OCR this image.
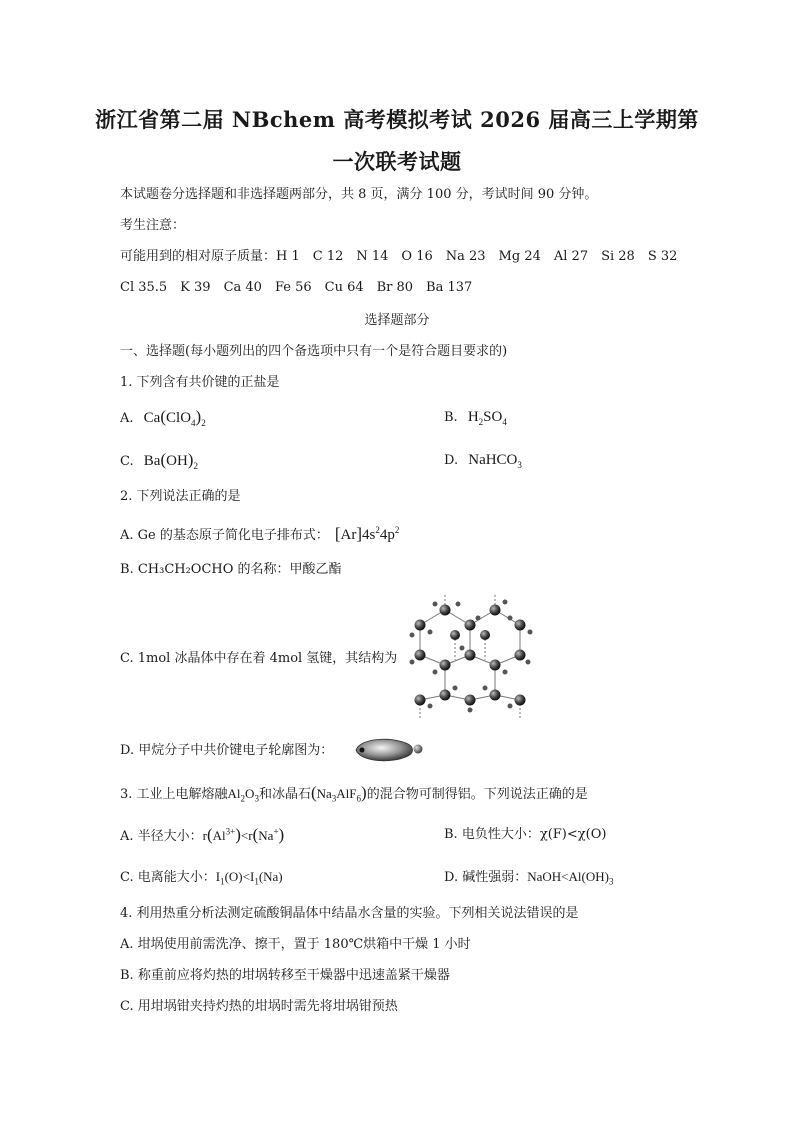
浙江省第二届 NBchem 高考模拟考试 2026 届高三上学期第
一次联考试题
本试题卷分选择题和非选择题两部分，共 8 页，满分 100 分，考试时间 90 分钟。
考生注意：
可能用到的相对原子质量：H 1　C 12　N 14　O 16　Na 23　Mg 24　Al 27　Si 28　S 32
Cl 35.5　K 39　Ca 40　Fe 56　Cu 64　Br 80　Ba 137
选择题部分
一、选择题(每小题列出的四个备选项中只有一个是符合题目要求的)
1. 下列含有共价键的正盐是
A. $Ca(ClO_4)_2$	B. $H_2SO_4$
C. $Ba(OH)_2$	D. NaHCO$_3$
2. 下列说法正确的是
A. Ge 的基态原子简化电子排布式： $[Ar]4s^24p^2$
B. CH₃CH₂OCHO 的名称：甲酸乙酯
C. 1mol 冰晶体中存在着 4mol 氢键，其结构为
D. 甲烷分子中共价键电子轮廓图为：
3. 工业上电解熔融$Al_2O_3$和冰晶石$(Na_3AlF_6)$的混合物可制得铝。下列说法正确的是
A. 半径大小：$r(Al^{3+})<r(Na^+)$	B. 电负性大小：χ(F)<χ(O)
C. 电离能大小：$I_1(O)<I_1(Na)$	D. 碱性强弱：$NaOH<Al(OH)_3$
4. 利用热重分析法测定硫酸铜晶体中结晶水含量的实验。下列相关说法错误的是
A. 坩埚使用前需洗净、擦干，置于 180℃烘箱中干燥 1 小时
B. 称重前应将灼热的坩埚转移至干燥器中迅速盖紧干燥器
C. 用坩埚钳夹持灼热的坩埚时需先将坩埚钳预热
